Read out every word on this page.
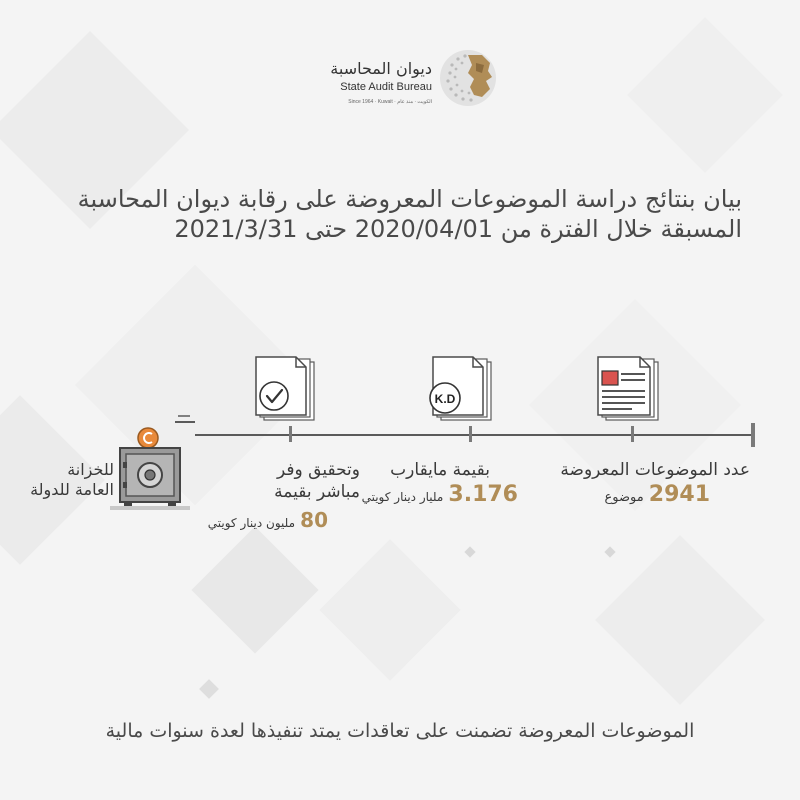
ديوان المحاسبة
State Audit Bureau
Since 1964 · Kuwait · الكويت · منذ عام
بيان بنتائج دراسة الموضوعات المعروضة على رقابة ديوان المحاسبة
المسبقة خلال الفترة من 2020/04/01 حتى 2021/3/31
K.D
عدد الموضوعات المعروضة
2941 موضوع
بقيمة مايقارب
3.176 مليار دينار كويتي
وتحقيق وفر
مباشر بقيمة
80 مليون دينار كويتي
للخزانة
العامة للدولة
الموضوعات المعروضة تضمنت على تعاقدات يمتد تنفيذها لعدة سنوات مالية
